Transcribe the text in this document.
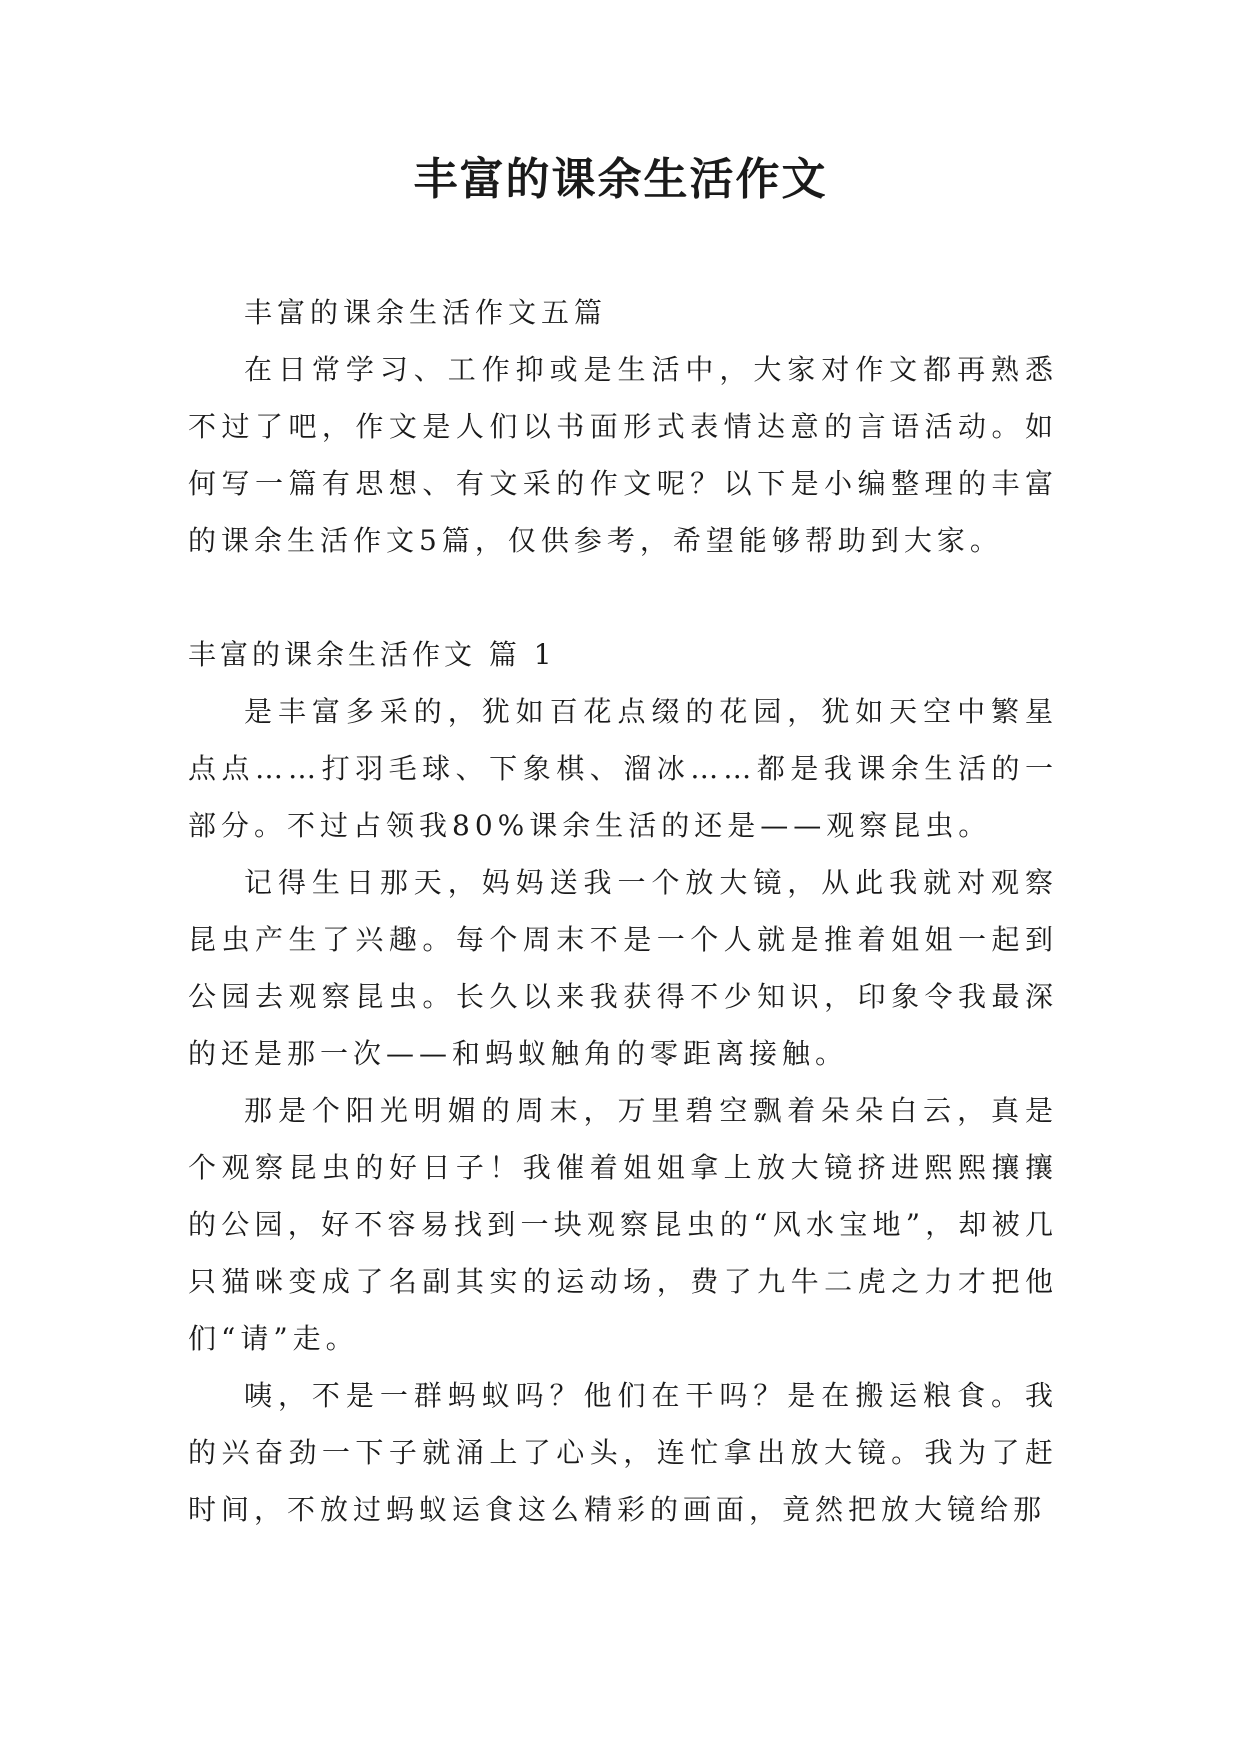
丰富的课余生活作文

丰富的课余生活作文五篇

在日常学习、工作抑或是生活中，大家对作文都再熟悉不过了吧，作文是人们以书面形式表情达意的言语活动。如何写一篇有思想、有文采的作文呢？以下是小编整理的丰富的课余生活作文5篇，仅供参考，希望能够帮助到大家。

丰富的课余生活作文 篇 1

是丰富多采的，犹如百花点缀的花园，犹如天空中繁星点点……打羽毛球、下象棋、溜冰……都是我课余生活的一部分。不过占领我80%课余生活的还是——观察昆虫。

记得生日那天，妈妈送我一个放大镜，从此我就对观察昆虫产生了兴趣。每个周末不是一个人就是推着姐姐一起到公园去观察昆虫。长久以来我获得不少知识，印象令我最深的还是那一次——和蚂蚁触角的零距离接触。

那是个阳光明媚的周末，万里碧空飘着朵朵白云，真是个观察昆虫的好日子！我催着姐姐拿上放大镜挤进熙熙攘攘的公园，好不容易找到一块观察昆虫的“风水宝地”，却被几只猫咪变成了名副其实的运动场，费了九牛二虎之力才把他们“请”走。

咦，不是一群蚂蚁吗？他们在干吗？是在搬运粮食。我的兴奋劲一下子就涌上了心头，连忙拿出放大镜。我为了赶时间，不放过蚂蚁运食这么精彩的画面，竟然把放大镜给那
